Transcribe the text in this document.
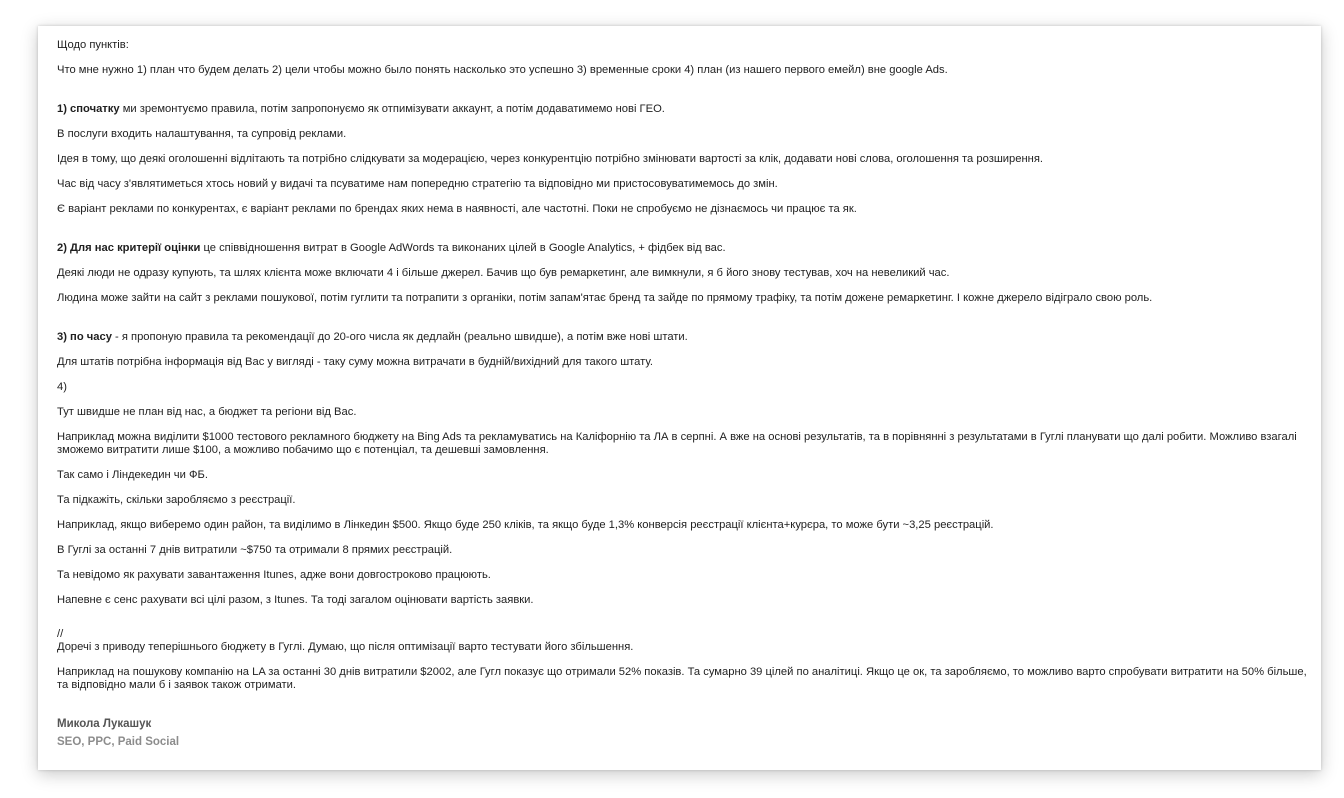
Щодо пунктів:

Что мне нужно 1) план что будем делать 2) цели чтобы можно было понять насколько это успешно 3) временные сроки 4) план (из нашего первого емейл) вне google Ads.

1) спочатку ми зремонтуємо правила, потім запропонуємо як отпимізувати аккаунт, а потім додаватимемо нові ГЕО.

В послуги входить налаштування, та супровід реклами.

Ідея в тому, що деякі оголошенні відлітають та потрібно слідкувати за модерацією, через конкурентцію потрібно змінювати вартості за клік, додавати нові слова, оголошення та розширення.

Час від часу з'являтиметься хтось новий у видачі та псуватиме нам попередню стратегію та відповідно ми пристосовуватимемось до змін.

Є варіант реклами по конкурентах, є варіант реклами по брендах яких нема в наявності, але частотні. Поки не спробуємо не дізнаємось чи працює та як.

2) Для нас критерії оцінки це співвідношення витрат в Google AdWords та виконаних цілей в Google Analytics, + фідбек від вас.

Деякі люди не одразу купують, та шлях клієнта може включати 4 і більше джерел. Бачив що був ремаркетинг, але вимкнули, я б його знову тестував, хоч на невеликий час.

Людина може зайти на сайт з реклами пошукової, потім гуглити та потрапити з органіки, потім запам'ятає бренд та зайде по прямому трафіку, та потім дожене ремаркетинг. І кожне джерело відіграло свою роль.

3) по часу - я пропоную правила та рекомендації до 20-ого числа як дедлайн (реально швидше), а потім вже нові штати.

Для штатів потрібна інформація від Вас у вигляді - таку суму можна витрачати в будній/вихідний для такого штату.

4)

Тут швидше не план від нас, а бюджет та регіони від Вас.

Наприклад можна виділити $1000 тестового рекламного бюджету на Bing Ads та рекламуватись на Каліфорнію та ЛА в серпні. А вже на основі результатів, та в порівнянні з результатами в Гуглі планувати що далі робити. Можливо взагалі зможемо витратити лише $100, а можливо побачимо що є потенціал, та дешевші замовлення.

Так само і Ліндекедин чи ФБ.

Та підкажіть, скільки заробляємо з реєстрації.

Наприклад, якщо виберемо один район, та виділимо в Лінкедин $500. Якщо буде 250 кліків, та якщо буде 1,3% конверсія реєстрації клієнта+курєра, то може бути ~3,25 реєстрацій.

В Гуглі за останні 7 днів витратили ~$750 та отримали 8 прямих реєстрацій.

Та невідомо як рахувати завантаження Itunes, адже вони довгостроково працюють.

Напевне є сенс рахувати всі цілі разом, з Itunes. Та тоді загалом оцінювати вартість заявки.

//

Доречі з приводу теперішнього бюджету в Гуглі. Думаю, що після оптимізації варто тестувати його збільшення.

Наприклад на пошукову компанію на LA за останні 30 днів витратили $2002, але Гугл показує що отримали 52% показів. Та сумарно 39 цілей по аналітиці. Якщо це ок, та заробляємо, то можливо варто спробувати витратити на 50% більше, та відповідно мали б і заявок також отримати.

Микола Лукашук

SEO, PPC, Paid Social
